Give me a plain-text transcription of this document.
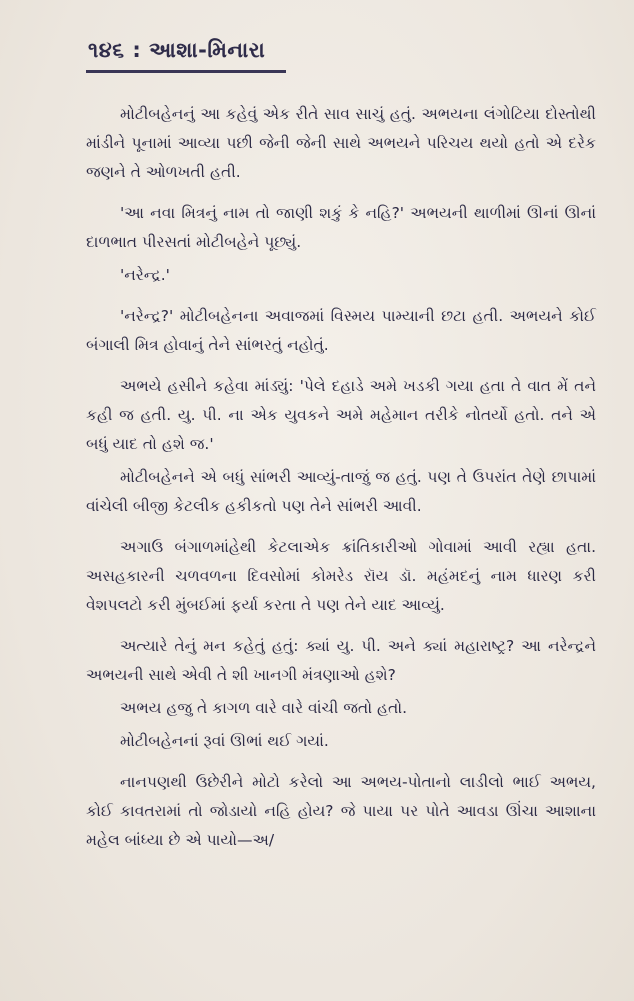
૧૪૬ : આશા-મિનારા

મોટીબહેનનું આ કહેવું એક રીતે સાવ સાચું હતું. અભયના લંગોટિયા દોસ્તોથી માંડીને પૂનામાં આવ્યા પછી જેની જેની સાથે અભયને પરિચય થયો હતો એ દરેક જણને તે ઓળખતી હતી.

'આ નવા મિત્રનું નામ તો જાણી શકું કે નહિ?' અભયની થાળીમાં ઊનાં ઊનાં દાળભાત પીરસતાં મોટીબહેને પૂછ્યું.

'નરેન્દ્ર.'

'નરેન્દ્ર?' મોટીબહેનના અવાજમાં વિસ્મય પામ્યાની છટા હતી. અભયને કોઈ બંગાલી મિત્ર હોવાનું તેને સાંભરતું નહોતું.

અભયે હસીને કહેવા માંડ્યું: 'પેલે દહાડે અમે ખડકી ગયા હતા તે વાત મેં તને કહી જ હતી. યુ. પી. ના એક યુવકને અમે મહેમાન તરીકે નોતર્યો હતો. તને એ બધું યાદ તો હશે જ.'

મોટીબહેનને એ બધું સાંભરી આવ્યું-તાજું જ હતું. પણ તે ઉપરાંત તેણે છાપામાં વાંચેલી બીજી કેટલીક હકીકતો પણ તેને સાંભરી આવી.

અગાઉ બંગાળમાંહેથી કેટલાએક ક્રાંતિકારીઓ ગોવામાં આવી રહ્યા હતા. અસહકારની ચળવળના દિવસોમાં કોમરેડ રૉય ડૉ. મહંમદનું નામ ધારણ કરી વેશપલટો કરી મુંબઈમાં ફર્યા કરતા તે પણ તેને યાદ આવ્યું.

અત્યારે તેનું મન કહેતું હતું: ક્યાં યુ. પી. અને ક્યાં મહારાષ્ટ્ર? આ નરેન્દ્રને અભયની સાથે એવી તે શી ખાનગી મંત્રણાઓ હશે?

અભય હજુ તે કાગળ વારે વારે વાંચી જતો હતો.

મોટીબહેનનાં રૂવાં ઊભાં થઈ ગયાં.

નાનપણથી ઉછેરીને મોટો કરેલો આ અભય-પોતાનો લાડીલો ભાઈ અભય, કોઈ કાવતરામાં તો જોડાયો નહિ હોય? જે પાયા પર પોતે આવડા ઊંચા આશાના મહેલ બાંધ્યા છે એ પાયો—અ/
